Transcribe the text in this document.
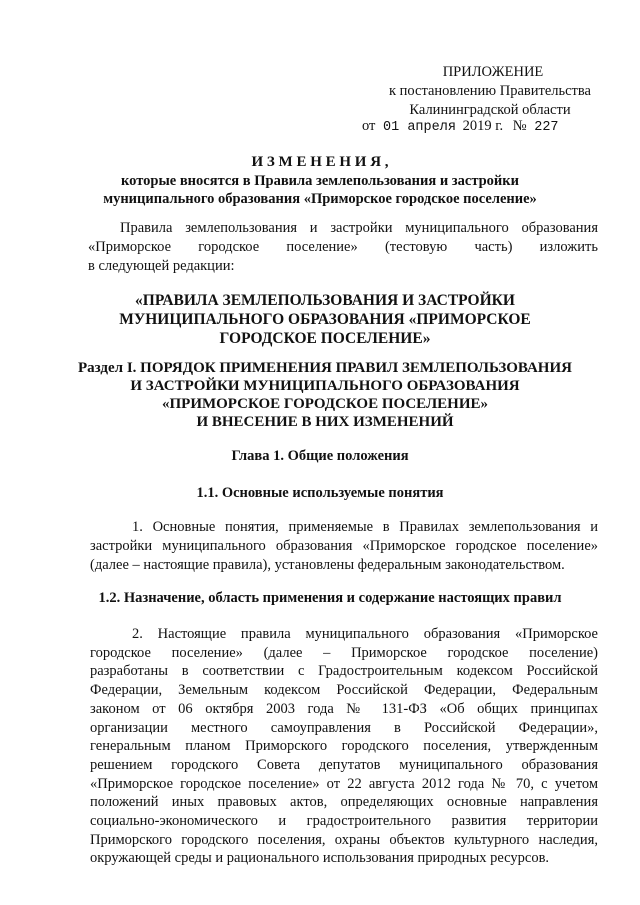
ПРИЛОЖЕНИЕ
к постановлению Правительства
Калининградской области
от 01 апреля 2019 г. № 227
И З М Е Н Е Н И Я ,
которые вносятся в Правила землепользования и застройки
муниципального образования «Приморское городское поселение»
Правила землепользования и застройки муниципального образования
«Приморское городское поселение» (тестовую часть) изложить
в следующей редакции:
«ПРАВИЛА ЗЕМЛЕПОЛЬЗОВАНИЯ И ЗАСТРОЙКИ
МУНИЦИПАЛЬНОГО ОБРАЗОВАНИЯ «ПРИМОРСКОЕ
ГОРОДСКОЕ ПОСЕЛЕНИЕ»
Раздел I. ПОРЯДОК ПРИМЕНЕНИЯ ПРАВИЛ ЗЕМЛЕПОЛЬЗОВАНИЯ
И ЗАСТРОЙКИ МУНИЦИПАЛЬНОГО ОБРАЗОВАНИЯ
«ПРИМОРСКОЕ ГОРОДСКОЕ ПОСЕЛЕНИЕ»
И ВНЕСЕНИЕ В НИХ ИЗМЕНЕНИЙ
Глава 1. Общие положения
1.1. Основные используемые понятия
1. Основные понятия, применяемые в Правилах землепользования и
застройки муниципального образования «Приморское городское поселение»
(далее – настоящие правила), установлены федеральным законодательством.
1.2. Назначение, область применения и содержание настоящих правил
2. Настоящие правила муниципального образования «Приморское
городское поселение» (далее – Приморское городское поселение)
разработаны в соответствии с Градостроительным кодексом Российской
Федерации, Земельным кодексом Российской Федерации, Федеральным
законом от 06 октября 2003 года № 131-ФЗ «Об общих принципах
организации местного самоуправления в Российской Федерации»,
генеральным планом Приморского городского поселения, утвержденным
решением городского Совета депутатов муниципального образования
«Приморское городское поселение» от 22 августа 2012 года № 70, с учетом
положений иных правовых актов, определяющих основные направления
социально-экономического и градостроительного развития территории
Приморского городского поселения, охраны объектов культурного наследия,
окружающей среды и рационального использования природных ресурсов.
